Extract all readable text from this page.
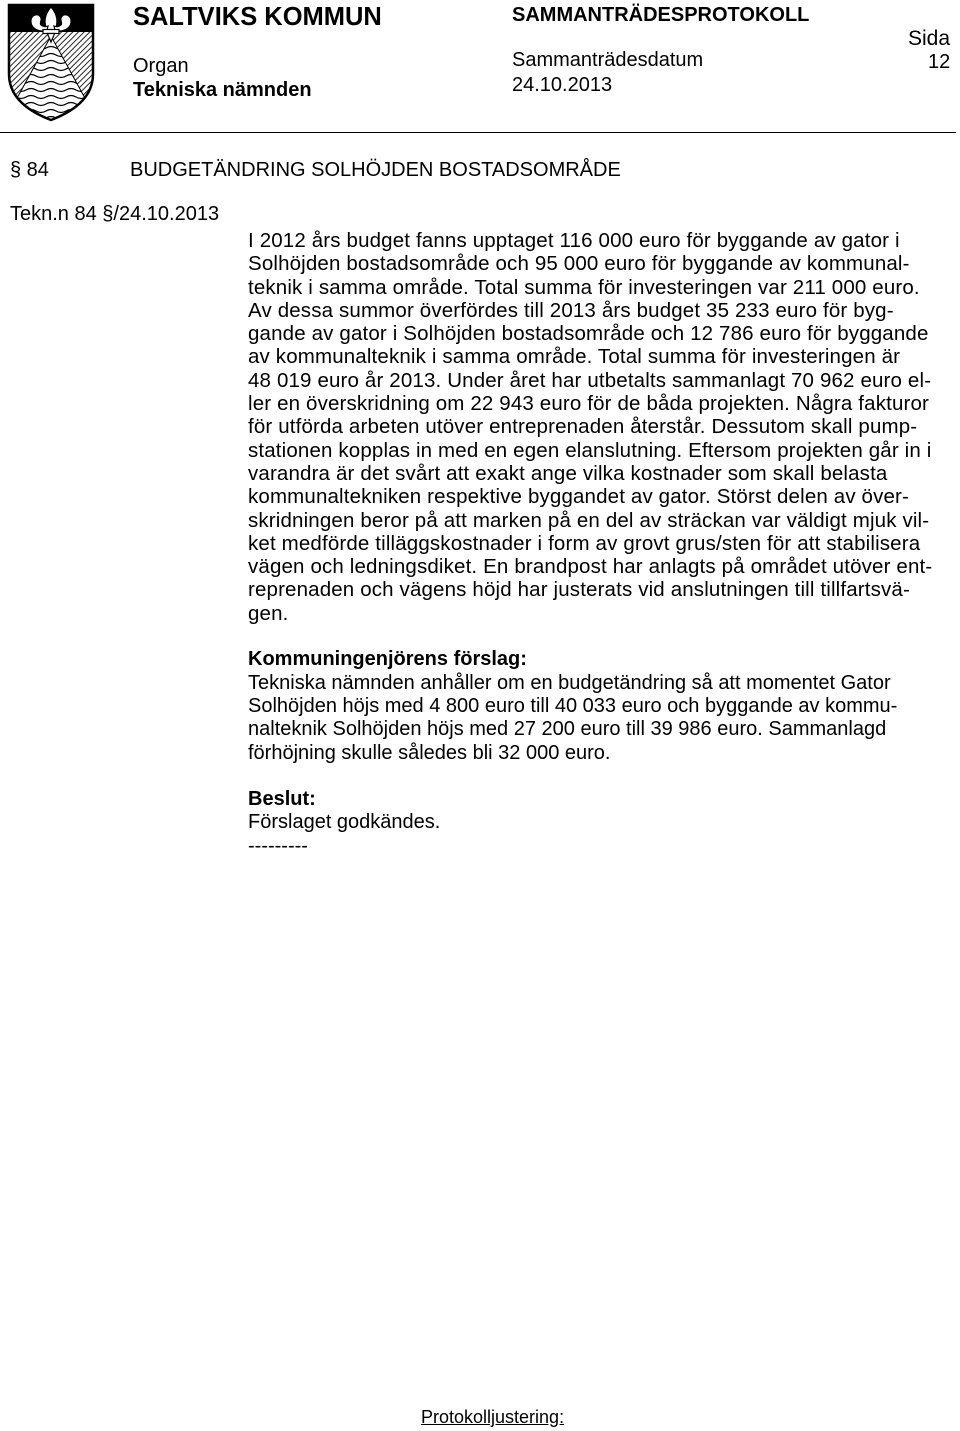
SALTVIKS KOMMUN
Organ
Tekniska nämnden
SAMMANTRÄDESPROTOKOLL
Sammanträdesdatum
24.10.2013
Sida
12
§ 84	BUDGETÄNDRING SOLHÖJDEN BOSTADSOMRÅDE
Tekn.n 84 §/24.10.2013
I 2012 års budget fanns upptaget 116 000 euro för byggande av gator i
Solhöjden bostadsområde och 95 000 euro för byggande av kommunal-
teknik i samma område. Total summa för investeringen var 211 000 euro.
Av dessa summor överfördes till 2013 års budget 35 233 euro för byg-
gande av gator i Solhöjden bostadsområde och 12 786 euro för byggande
av kommunalteknik i samma område. Total summa för investeringen är
48 019 euro år 2013. Under året har utbetalts sammanlagt 70 962 euro el-
ler en överskridning om 22 943 euro för de båda projekten. Några fakturor
för utförda arbeten utöver entreprenaden återstår. Dessutom skall pump-
stationen kopplas in med en egen elanslutning. Eftersom projekten går in i
varandra är det svårt att exakt ange vilka kostnader som skall belasta
kommunaltekniken respektive byggandet av gator. Störst delen av över-
skridningen beror på att marken på en del av sträckan var väldigt mjuk vil-
ket medförde tilläggskostnader i form av grovt grus/sten för att stabilisera
vägen och ledningsdiket. En brandpost har anlagts på området utöver ent-
reprenaden och vägens höjd har justerats vid anslutningen till tillfartsvä-
gen.
Kommuningenjörens förslag:
Tekniska nämnden anhåller om en budgetändring så att momentet Gator
Solhöjden höjs med 4 800 euro till 40 033 euro och byggande av kommu-
nalteknik Solhöjden höjs med 27 200 euro till 39 986 euro. Sammanlagd
förhöjning skulle således bli 32 000 euro.
Beslut:
Förslaget godkändes.
---------
Protokolljustering:
